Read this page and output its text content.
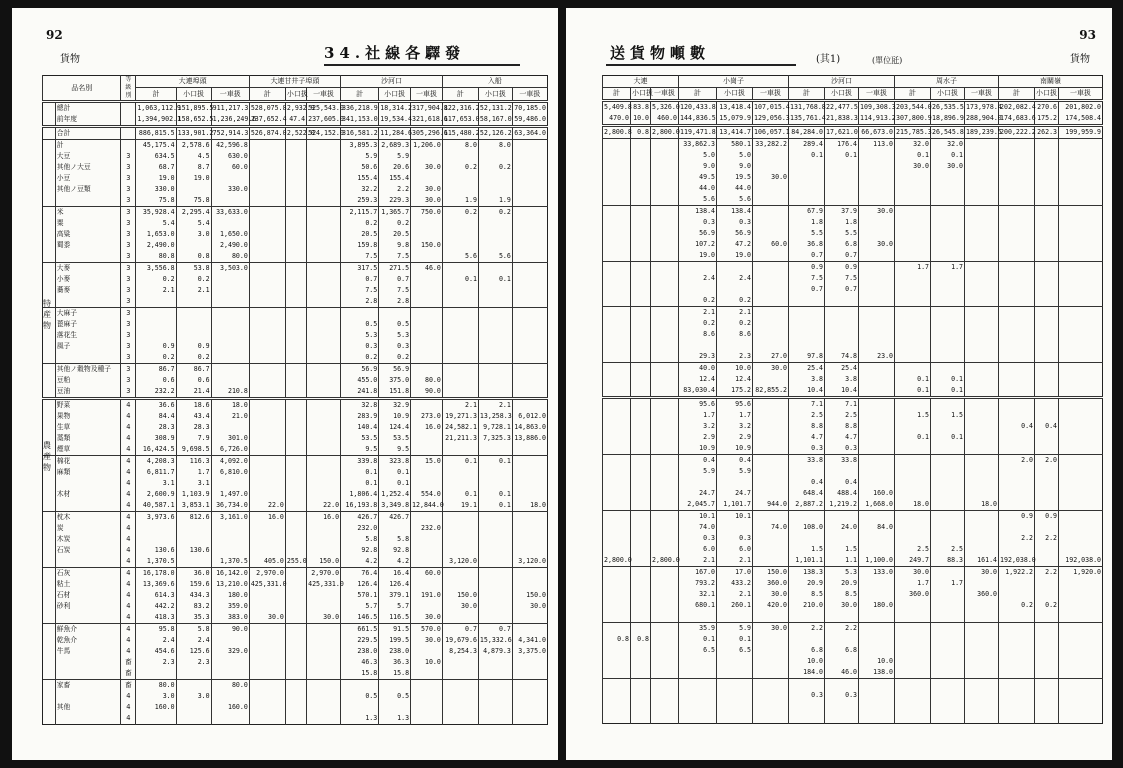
92
貨物	34.社線各驛發
品名別		等級別	大連埠頭			大連甘井子埠頭			沙河口			入船		
			計	小口扱	一車扱	計	小口扱	一車扱	計	小口扱	一車扱	計	小口扱	一車扱
	總計		1,063,112.9	151,895.5	911,217.3	528,075.8	2,932.9	525,543.0	336,218.9	18,314.2	317,904.8	122,316.2	52,131.2	70,185.0
	前年度		1,394,902.1	158,652.5	1,236,249.6	237,652.4	47.4	237,605.0	341,153.0	19,534.4	321,618.6	117,653.0	58,167.0	59,486.0
	合計		886,815.5	133,901.2	752,914.3	526,874.0	2,522.0	524,152.0	316,581.2	11,284.6	305,296.6	115,480.2	52,126.2	63,364.0
	計		45,175.4	2,578.6	42,596.8				3,895.3	2,689.3	1,206.0	8.0	8.0	
	大豆	3	634.5	4.5	630.0				5.9	5.9				
	其他ノ大豆	3	68.7	8.7	60.0				50.6	20.6	30.0	0.2	0.2	
	小豆	3	19.0	19.0					155.4	155.4				
	其他ノ豆類	3	330.0		330.0				32.2	2.2	30.0			
		3	75.8	75.8					259.3	229.3	30.0	1.9	1.9	
	米	3	35,928.4	2,295.4	33,633.0				2,115.7	1,365.7	750.0	0.2	0.2	
	粟	3	5.4	5.4					0.2	0.2				
	高粱	3	1,653.0	3.0	1,650.0				20.5	20.5				
	蜀黍	3	2,490.0		2,490.0				159.8	9.8	150.0			
		3	80.8	0.8	80.0				7.5	7.5		5.6	5.6	
	大麥	3	3,556.8	53.8	3,503.0				317.5	271.5	46.0			
	小麥	3	0.2	0.2					0.7	0.7		0.1	0.1	
	蕎麥	3	2.1	2.1					7.5	7.5				
		3							2.8	2.8				
	大麻子	3												
	蓖麻子	3							0.5	0.5				
	落花生	3							5.3	5.3				
	風子	3	0.9	0.9					0.3	0.3				
		3	0.2	0.2					0.2	0.2				
	其他ノ穀物及種子	3	86.7	86.7					56.9	56.9				
	豆粕	3	0.6	0.6					455.0	375.0	80.0			
	豆油	3	232.2	21.4	210.8				241.8	151.8	90.0			
	野菜	4	36.6	18.6	18.0				32.8	32.9		2.1	2.1	
	果物	4	84.4	43.4	21.0				283.9	10.9	273.0	19,271.3	13,258.3	6,012.0
	生草	4	28.3	28.3					140.4	124.4	16.0	24,582.1	9,728.1	14,863.0
	藁類	4	308.9	7.9	301.0				53.5	53.5		21,211.3	7,325.3	13,886.0
	煙草	4	16,424.5	9,698.5	6,726.0				9.5	9.5				
	棉花	4	4,208.3	116.3	4,092.0				339.8	323.8	15.0	0.1	0.1	
	麻類	4	6,811.7	1.7	6,810.0				0.1	0.1				
		4	3.1	3.1					0.1	0.1				
	木材	4	2,600.9	1,103.9	1,497.0				1,806.4	1,252.4	554.0	0.1	0.1	
		4	40,587.1	3,853.1	36,734.0	22.0		22.0	16,193.8	3,349.8	12,844.0	19.1	0.1	18.0
	枕木	4	3,973.6	812.6	3,161.0	16.0		16.0	426.7	426.7				
	炭	4							232.0		232.0			
	木炭	4							5.8	5.8				
	石炭	4	130.6	130.6					92.8	92.8				
		4	1,370.5		1,370.5	405.0	255.0	150.0	4.2	4.2		3,120.0		3,120.0
	石灰	4	16,178.0	36.0	16,142.0	2,970.0		2,970.0	76.4	16.4	60.0			
	粘土	4	13,369.6	159.6	13,210.0	425,331.0		425,331.0	126.4	126.4				
	石材	4	614.3	434.3	180.0				570.1	379.1	191.0	150.0		150.0
	砂利	4	442.2	83.2	359.0				5.7	5.7		30.0		30.0
		4	418.3	35.3	383.0	30.0		30.0	146.5	116.5	30.0			
	鮮魚介	4	95.8	5.8	90.0				661.5	91.5	570.0	0.7	0.7	
	乾魚介	4	2.4	2.4					229.5	199.5	30.0	19,679.6	15,332.6	4,341.0
	牛馬	4	454.6	125.6	329.0				238.0	238.0		8,254.3	4,879.3	3,375.0
		畜	2.3	2.3					46.3	36.3	10.0			
		畜							15.8	15.8				
	家畜	畜	80.0		80.0									
		4	3.0	3.0					0.5	0.5				
	其他	4	160.0		160.0									
		4							1.3	1.3				
特産物
農産物
93
貨物
送貨物噸數	(其1)	(單位瓩)
大連			小崗子			沙河口			周水子			南關嶺		
計	小口扱	一車扱	計	小口扱	一車扱	計	小口扱	一車扱	計	小口扱	一車扱	計	小口扱	一車扱
5,409.8	83.8	5,326.0	120,433.8	13,418.4	107,015.4	131,768.8	22,477.5	109,308.3	203,544.0	26,535.5	173,978.4	202,082.4	270.6	201,802.0
470.0	10.0	460.0	144,836.5	15,079.9	129,056.3	135,761.4	21,838.3	114,913.2	307,800.9	18,896.9	288,904.0	174,683.6	175.2	174,508.4
2,800.8	0.8	2,800.0	119,471.8	13,414.7	106,057.1	84,284.0	17,621.0	66,673.0	215,785.3	26,545.8	189,239.5	200,222.2	262.3	199,959.9
			33,862.3	580.1	33,282.2	289.4	176.4	113.0	32.0	32.0				
			5.0	5.0		0.1	0.1		0.1	0.1				
			9.0	9.0					30.0	30.0				
			49.5	19.5	30.0									
			44.0	44.0										
			5.6	5.6										
			138.4	138.4		67.9	37.9	30.0						
			0.3	0.3		1.8	1.8							
			56.9	56.9		5.5	5.5							
			107.2	47.2	60.0	36.8	6.8	30.0						
			19.0	19.0		0.7	0.7							
						0.9	0.9		1.7	1.7				
			2.4	2.4		7.5	7.5							
						0.7	0.7							
			0.2	0.2										
			2.1	2.1										
			0.2	0.2										
			8.6	8.6										

			29.3	2.3	27.0	97.8	74.8	23.0						
			40.0	10.0	30.0	25.4	25.4							
			12.4	12.4		3.8	3.8		0.1	0.1				
			83,030.4	175.2	82,855.2	10.4	10.4		0.1	0.1				
			95.6	95.6		7.1	7.1							
			1.7	1.7		2.5	2.5		1.5	1.5				
			3.2	3.2		8.8	8.8					0.4	0.4	
			2.9	2.9		4.7	4.7		0.1	0.1				
			10.9	10.9		0.3	0.3							
			0.4	0.4		33.8	33.8					2.0	2.0	
			5.9	5.9										
						0.4	0.4							
			24.7	24.7		648.4	488.4	160.0						
			2,045.7	1,101.7	944.0	2,887.2	1,219.2	1,668.0	18.0		18.0			
			10.1	10.1								0.9	0.9	
			74.0		74.0	108.0	24.0	84.0						
			0.3	0.3								2.2	2.2	
			6.0	6.0		1.5	1.5		2.5	2.5				
2,800.0		2,800.0	2.1	2.1		1,101.1	1.1	1,100.0	249.7	88.3	161.4	192,038.0		192,038.0
			167.0	17.0	150.0	138.3	5.3	133.0	30.0		30.0	1,922.2	2.2	1,920.0
			793.2	433.2	360.0	20.9	20.9		1.7	1.7				
			32.1	2.1	30.0	8.5	8.5		360.0		360.0			
			680.1	260.1	420.0	210.0	30.0	180.0				0.2	0.2	

			35.9	5.9	30.0	2.2	2.2							
0.8	0.8		0.1	0.1										
			6.5	6.5		6.8	6.8							
						10.0		10.0						
						184.0	46.0	138.0						

						0.3	0.3							
